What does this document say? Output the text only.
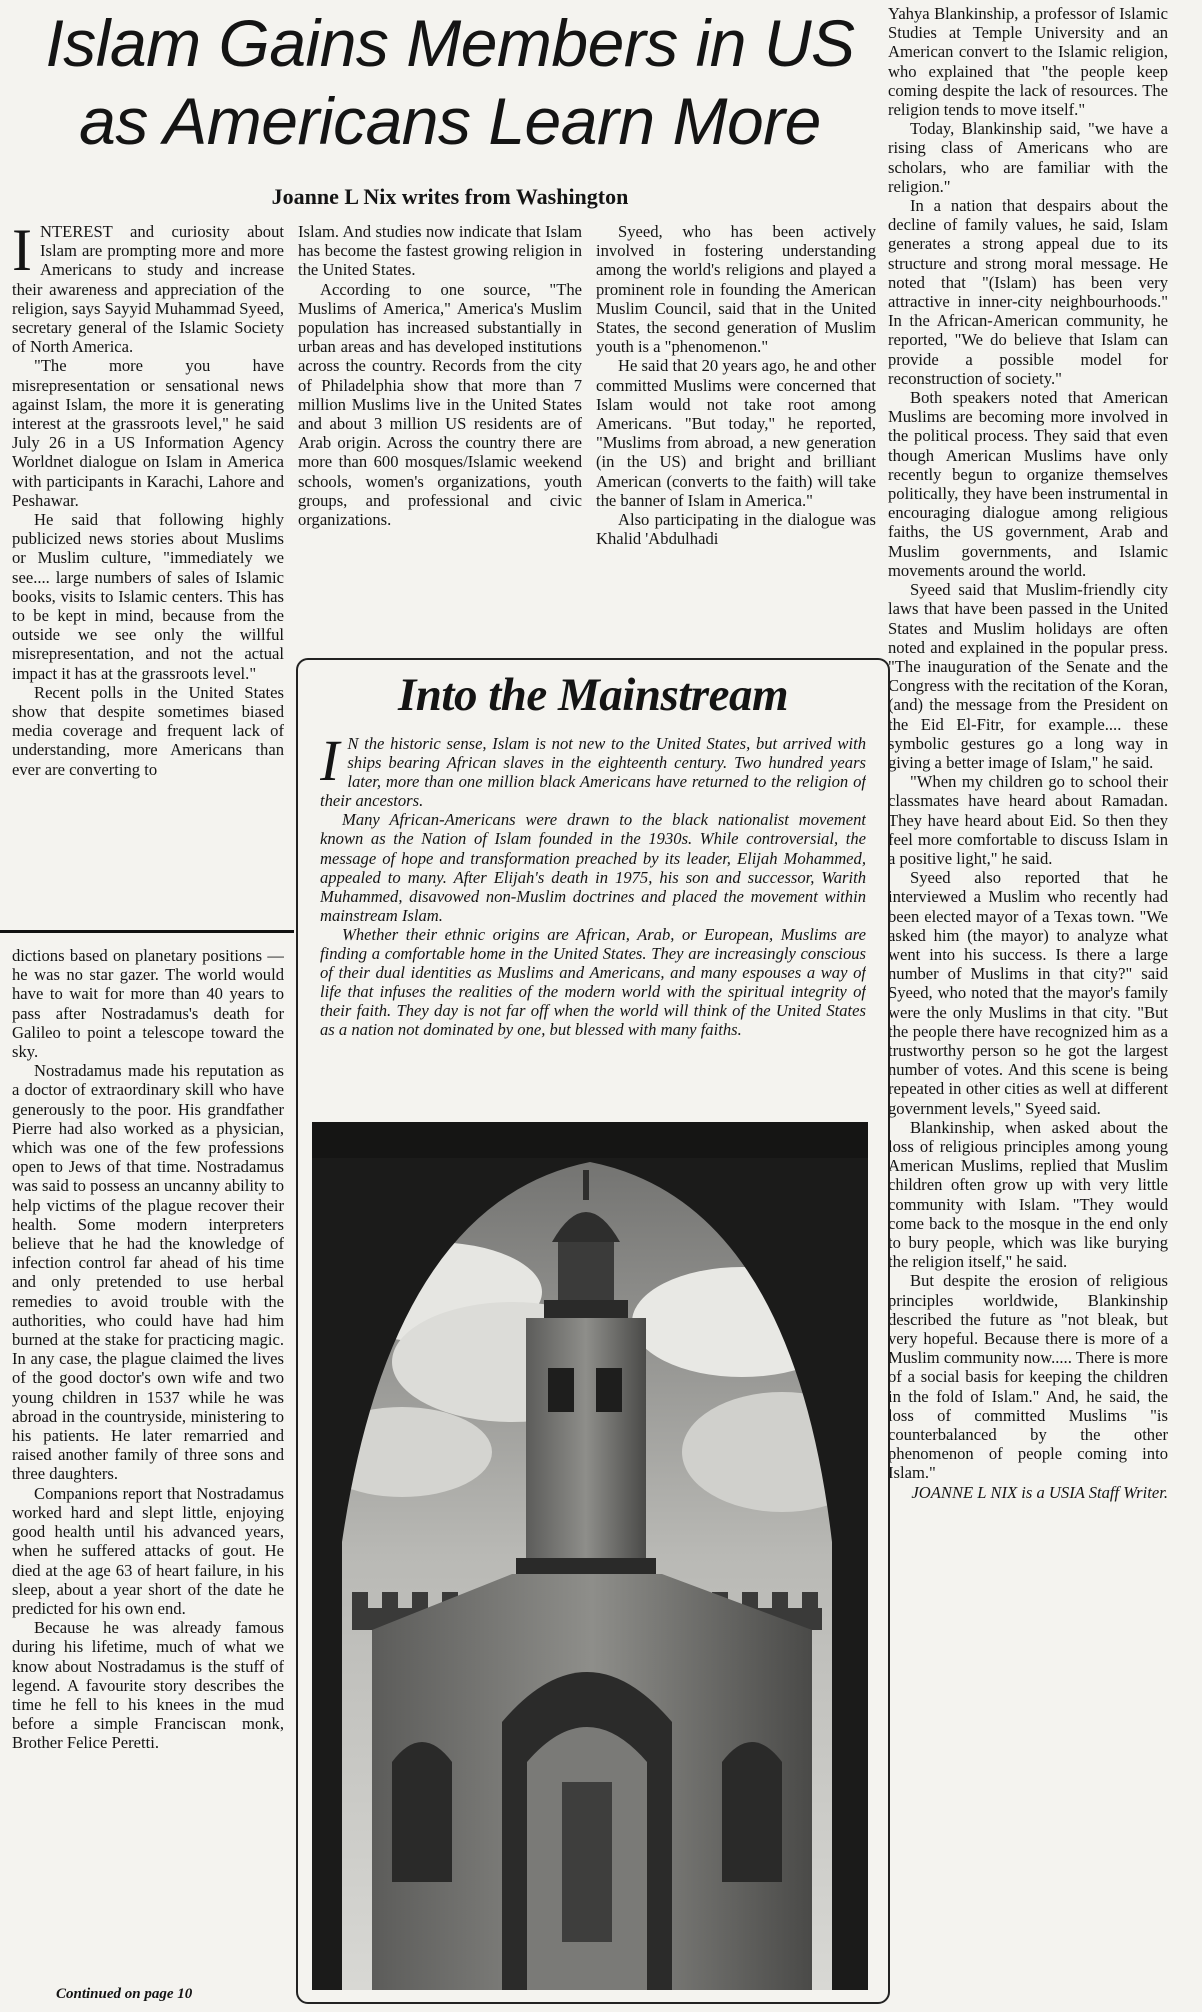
Islam Gains Members in US
as Americans Learn More
Joanne L Nix writes from Washington
I NTEREST and curiosity about Islam are prompting more and more Americans to study and increase their awareness and appreciation of the religion, says Sayyid Muhammad Syeed, secretary general of the Islamic Society of North America.

"The more you have misrepresentation or sensational news against Islam, the more it is generating interest at the grassroots level," he said July 26 in a US Information Agency Worldnet dialogue on Islam in America with participants in Karachi, Lahore and Peshawar.

He said that following highly publicized news stories about Muslims or Muslim culture, "immediately we see.... large numbers of sales of Islamic books, visits to Islamic centers. This has to be kept in mind, because from the outside we see only the willful misrepresentation, and not the actual impact it has at the grassroots level."

Recent polls in the United States show that despite sometimes biased media coverage and frequent lack of understanding, more Americans than ever are converting to

Islam. And studies now indicate that Islam has become the fastest growing religion in the United States.

According to one source, "The Muslims of America," America's Muslim population has increased substantially in urban areas and has developed institutions across the country. Records from the city of Philadelphia show that more than 7 million Muslims live in the United States and about 3 million US residents are of Arab origin. Across the country there are more than 600 mosques/Islamic weekend schools, women's organizations, youth groups, and professional and civic organizations.

Syeed, who has been actively involved in fostering understanding among the world's religions and played a prominent role in founding the American Muslim Council, said that in the United States, the second generation of Muslim youth is a "phenomenon."

He said that 20 years ago, he and other committed Muslims were concerned that Islam would not take root among Americans. "But today," he reported, "Muslims from abroad, a new generation (in the US) and bright and brilliant American (converts to the faith) will take the banner of Islam in America."

Also participating in the dialogue was Khalid 'Abdulhadi

Yahya Blankinship, a professor of Islamic Studies at Temple University and an American convert to the Islamic religion, who explained that "the people keep coming despite the lack of resources. The religion tends to move itself."

Today, Blankinship said, "we have a rising class of Americans who are scholars, who are familiar with the religion."

In a nation that despairs about the decline of family values, he said, Islam generates a strong appeal due to its structure and strong moral message. He noted that "(Islam) has been very attractive in inner-city neighbourhoods." In the African-American community, he reported, "We do believe that Islam can provide a possible model for reconstruction of society."

Both speakers noted that American Muslims are becoming more involved in the political process. They said that even though American Muslims have only recently begun to organize themselves politically, they have been instrumental in encouraging dialogue among religious faiths, the US government, Arab and Muslim governments, and Islamic movements around the world.

Syeed said that Muslim-friendly city laws that have been passed in the United States and Muslim holidays are often noted and explained in the popular press. "The inauguration of the Senate and the Congress with the recitation of the Koran, (and) the message from the President on the Eid El-Fitr, for example.... these symbolic gestures go a long way in giving a better image of Islam," he said.

"When my children go to school their classmates have heard about Ramadan. They have heard about Eid. So then they feel more comfortable to discuss Islam in a positive light," he said.

Syeed also reported that he interviewed a Muslim who recently had been elected mayor of a Texas town. "We asked him (the mayor) to analyze what went into his success. Is there a large number of Muslims in that city?" said Syeed, who noted that the mayor's family were the only Muslims in that city. "But the people there have recognized him as a trustworthy person so he got the largest number of votes. And this scene is being repeated in other cities as well at different government levels," Syeed said.

Blankinship, when asked about the loss of religious principles among young American Muslims, replied that Muslim children often grow up with very little community with Islam. "They would come back to the mosque in the end only to bury people, which was like burying the religion itself," he said.

But despite the erosion of religious principles worldwide, Blankinship described the future as "not bleak, but very hopeful. Because there is more of a Muslim community now..... There is more of a social basis for keeping the children in the fold of Islam." And, he said, the loss of committed Muslims "is counterbalanced by the other phenomenon of people coming into Islam."

JOANNE L NIX is a USIA Staff Writer.

dictions based on planetary positions — he was no star gazer. The world would have to wait for more than 40 years to pass after Nostradamus's death for Galileo to point a telescope toward the sky.

Nostradamus made his reputation as a doctor of extraordinary skill who have generously to the poor. His grandfather Pierre had also worked as a physician, which was one of the few professions open to Jews of that time. Nostradamus was said to possess an uncanny ability to help victims of the plague recover their health. Some modern interpreters believe that he had the knowledge of infection control far ahead of his time and only pretended to use herbal remedies to avoid trouble with the authorities, who could have had him burned at the stake for practicing magic. In any case, the plague claimed the lives of the good doctor's own wife and two young children in 1537 while he was abroad in the countryside, ministering to his patients. He later remarried and raised another family of three sons and three daughters.

Companions report that Nostradamus worked hard and slept little, enjoying good health until his advanced years, when he suffered attacks of gout. He died at the age 63 of heart failure, in his sleep, about a year short of the date he predicted for his own end.

Because he was already famous during his lifetime, much of what we know about Nostradamus is the stuff of legend. A favourite story describes the time he fell to his knees in the mud before a simple Franciscan monk, Brother Felice Peretti.

Continued on page 10
Into the Mainstream
I N the historic sense, Islam is not new to the United States, but arrived with ships bearing African slaves in the eighteenth century. Two hundred years later, more than one million black Americans have returned to the religion of their ancestors.

Many African-Americans were drawn to the black nationalist movement known as the Nation of Islam founded in the 1930s. While controversial, the message of hope and transformation preached by its leader, Elijah Mohammed, appealed to many. After Elijah's death in 1975, his son and successor, Warith Muhammed, disavowed non-Muslim doctrines and placed the movement within mainstream Islam.

Whether their ethnic origins are African, Arab, or European, Muslims are finding a comfortable home in the United States. They are increasingly conscious of their dual identities as Muslims and Americans, and many espouses a way of life that infuses the realities of the modern world with the spiritual integrity of their faith. They day is not far off when the world will think of the United States as a nation not dominated by one, but blessed with many faiths.
